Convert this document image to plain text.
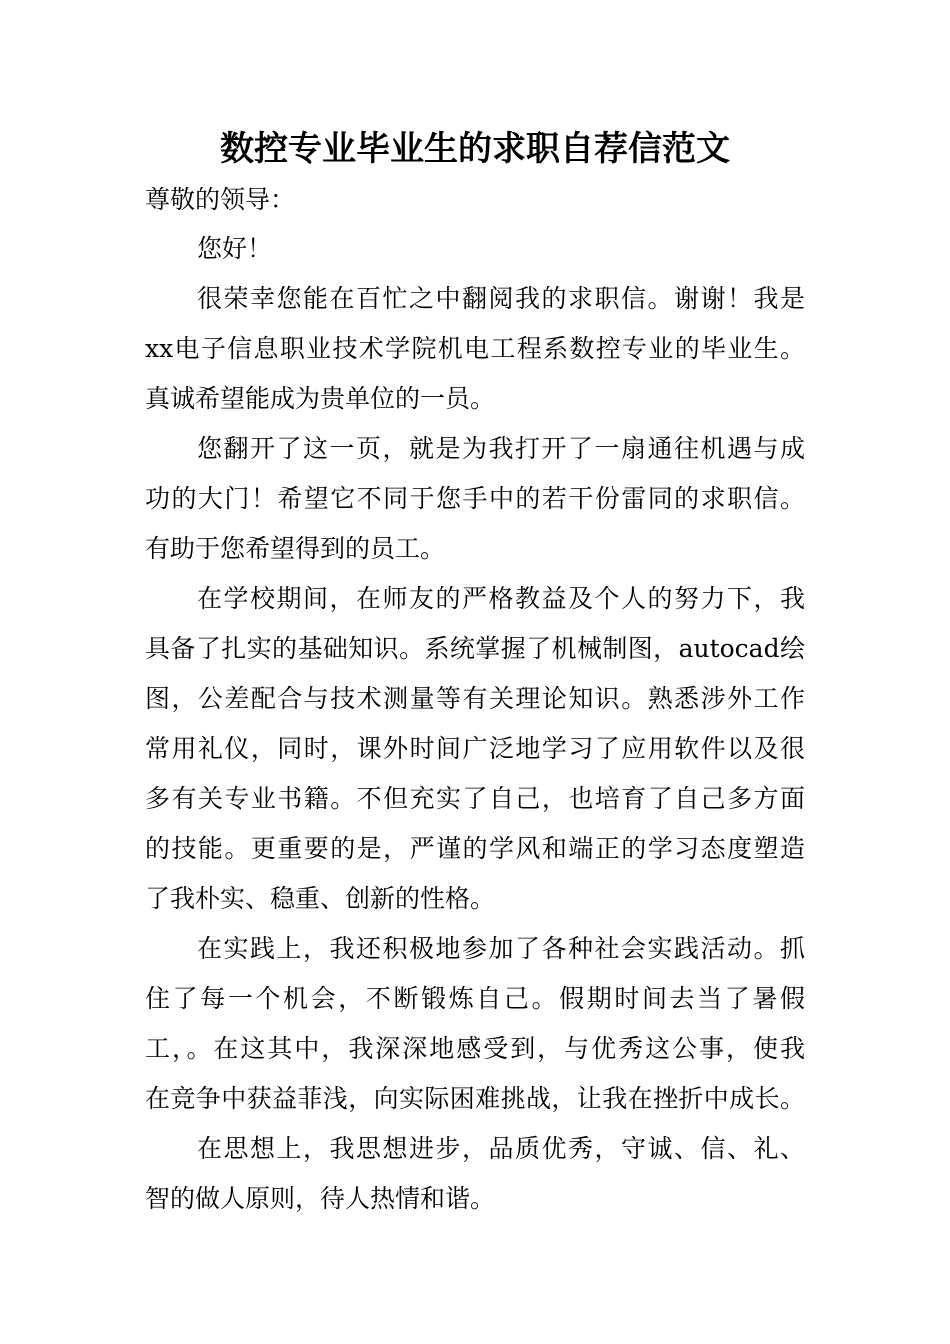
数控专业毕业生的求职自荐信范文

尊敬的领导：

您好！

很荣幸您能在百忙之中翻阅我的求职信。谢谢！我是

xx电子信息职业技术学院机电工程系数控专业的毕业生。

真诚希望能成为贵单位的一员。

您翻开了这一页，就是为我打开了一扇通往机遇与成

功的大门！希望它不同于您手中的若干份雷同的求职信。

有助于您希望得到的员工。

在学校期间，在师友的严格教益及个人的努力下，我

具备了扎实的基础知识。系统掌握了机械制图，autocad绘

图，公差配合与技术测量等有关理论知识。熟悉涉外工作

常用礼仪，同时，课外时间广泛地学习了应用软件以及很

多有关专业书籍。不但充实了自己，也培育了自己多方面

的技能。更重要的是，严谨的学风和端正的学习态度塑造

了我朴实、稳重、创新的性格。

在实践上，我还积极地参加了各种社会实践活动。抓

住了每一个机会，不断锻炼自己。假期时间去当了暑假

工，。在这其中，我深深地感受到，与优秀这公事，使我

在竞争中获益菲浅，向实际困难挑战，让我在挫折中成长。

在思想上，我思想进步，品质优秀，守诚、信、礼、

智的做人原则，待人热情和谐。
